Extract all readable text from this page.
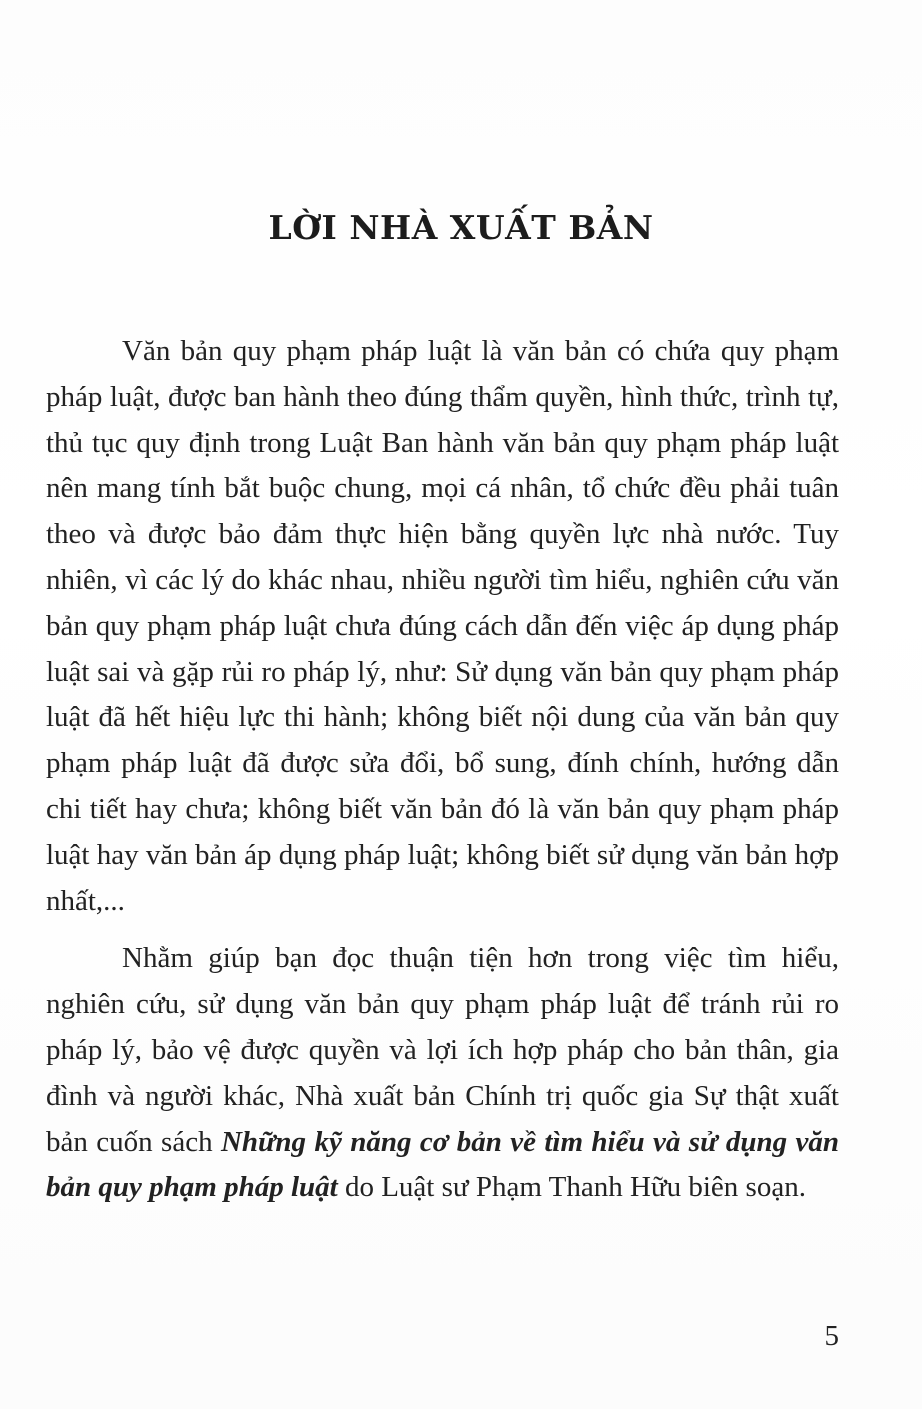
LỜI NHÀ XUẤT BẢN

Văn bản quy phạm pháp luật là văn bản có chứa quy phạm pháp luật, được ban hành theo đúng thẩm quyền, hình thức, trình tự, thủ tục quy định trong Luật Ban hành văn bản quy phạm pháp luật nên mang tính bắt buộc chung, mọi cá nhân, tổ chức đều phải tuân theo và được bảo đảm thực hiện bằng quyền lực nhà nước. Tuy nhiên, vì các lý do khác nhau, nhiều người tìm hiểu, nghiên cứu văn bản quy phạm pháp luật chưa đúng cách dẫn đến việc áp dụng pháp luật sai và gặp rủi ro pháp lý, như: Sử dụng văn bản quy phạm pháp luật đã hết hiệu lực thi hành; không biết nội dung của văn bản quy phạm pháp luật đã được sửa đổi, bổ sung, đính chính, hướng dẫn chi tiết hay chưa; không biết văn bản đó là văn bản quy phạm pháp luật hay văn bản áp dụng pháp luật; không biết sử dụng văn bản hợp nhất,...

Nhằm giúp bạn đọc thuận tiện hơn trong việc tìm hiểu, nghiên cứu, sử dụng văn bản quy phạm pháp luật để tránh rủi ro pháp lý, bảo vệ được quyền và lợi ích hợp pháp cho bản thân, gia đình và người khác, Nhà xuất bản Chính trị quốc gia Sự thật xuất bản cuốn sách Những kỹ năng cơ bản về tìm hiểu và sử dụng văn bản quy phạm pháp luật do Luật sư Phạm Thanh Hữu biên soạn.

5
